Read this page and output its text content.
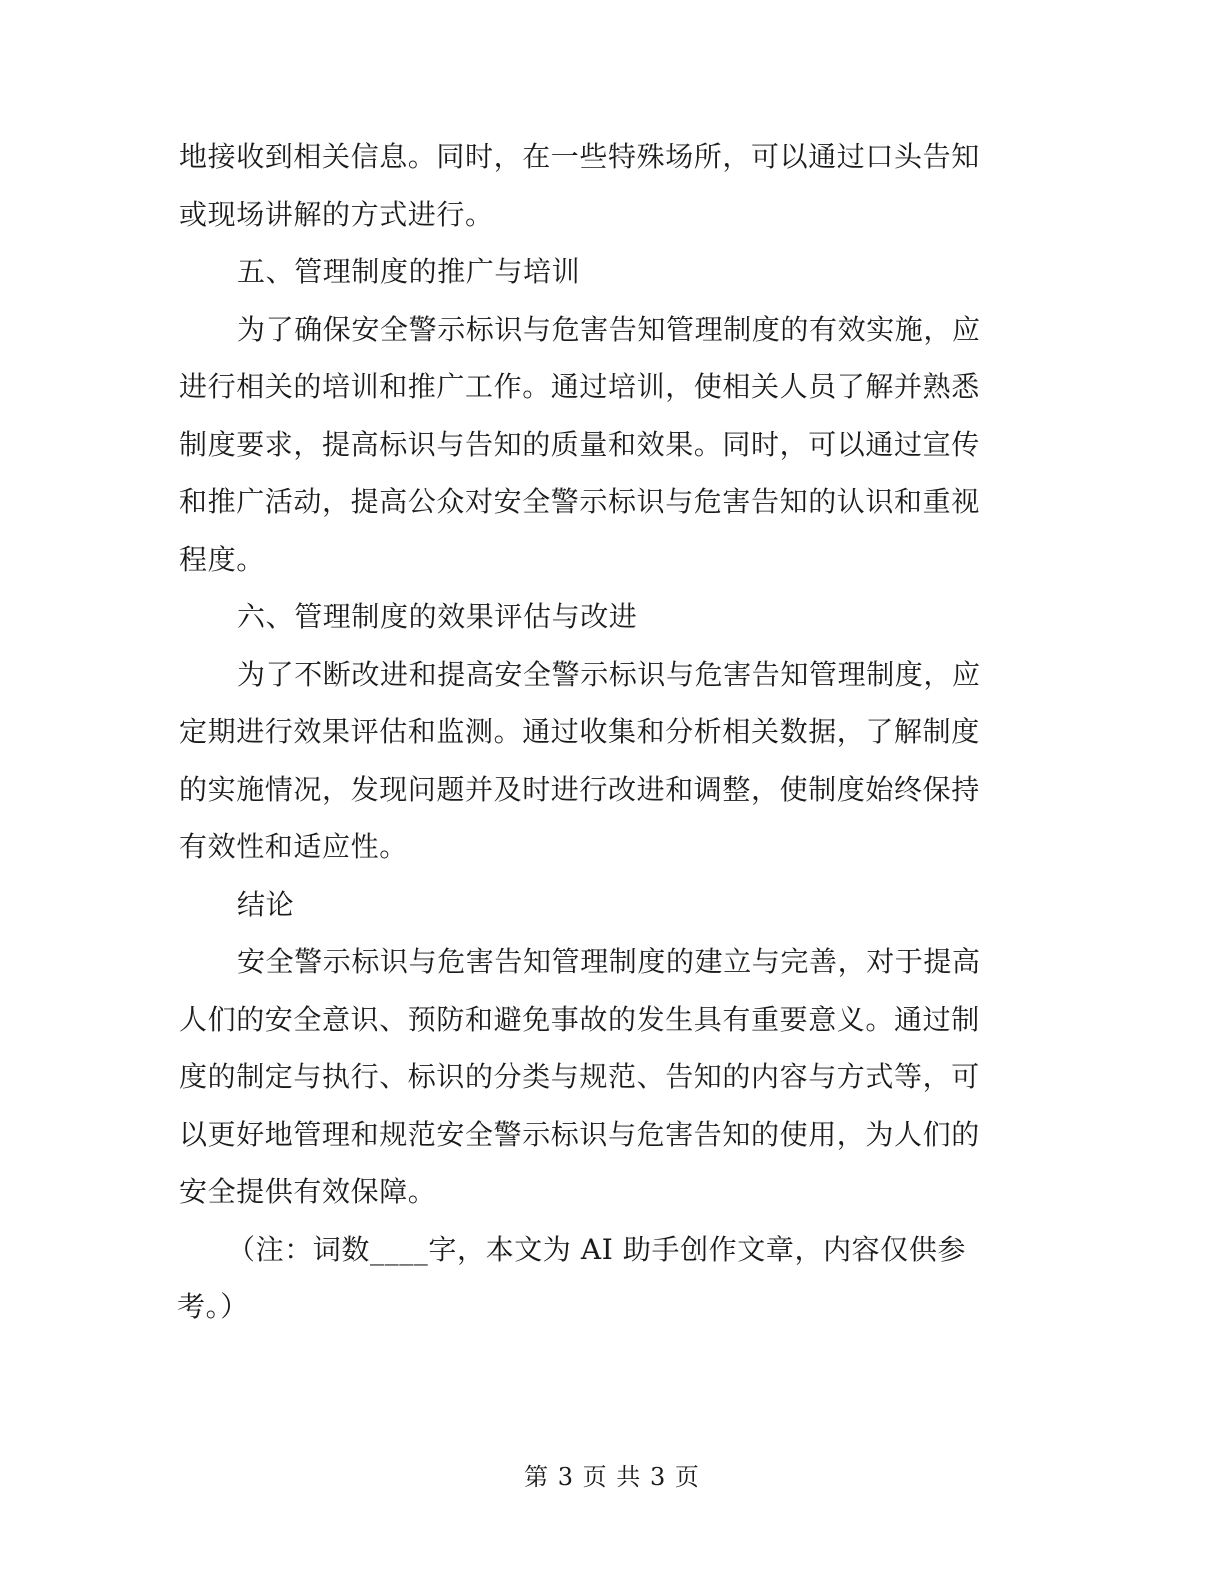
地接收到相关信息。同时，在一些特殊场所，可以通过口头告知
或现场讲解的方式进行。
五、管理制度的推广与培训
为了确保安全警示标识与危害告知管理制度的有效实施，应
进行相关的培训和推广工作。通过培训，使相关人员了解并熟悉
制度要求，提高标识与告知的质量和效果。同时，可以通过宣传
和推广活动，提高公众对安全警示标识与危害告知的认识和重视
程度。
六、管理制度的效果评估与改进
为了不断改进和提高安全警示标识与危害告知管理制度，应
定期进行效果评估和监测。通过收集和分析相关数据，了解制度
的实施情况，发现问题并及时进行改进和调整，使制度始终保持
有效性和适应性。
结论
安全警示标识与危害告知管理制度的建立与完善，对于提高
人们的安全意识、预防和避免事故的发生具有重要意义。通过制
度的制定与执行、标识的分类与规范、告知的内容与方式等，可
以更好地管理和规范安全警示标识与危害告知的使用，为人们的
安全提供有效保障。
（注：词数____字，本文为 AI 助手创作文章，内容仅供参
考。）
第 3 页 共 3 页
